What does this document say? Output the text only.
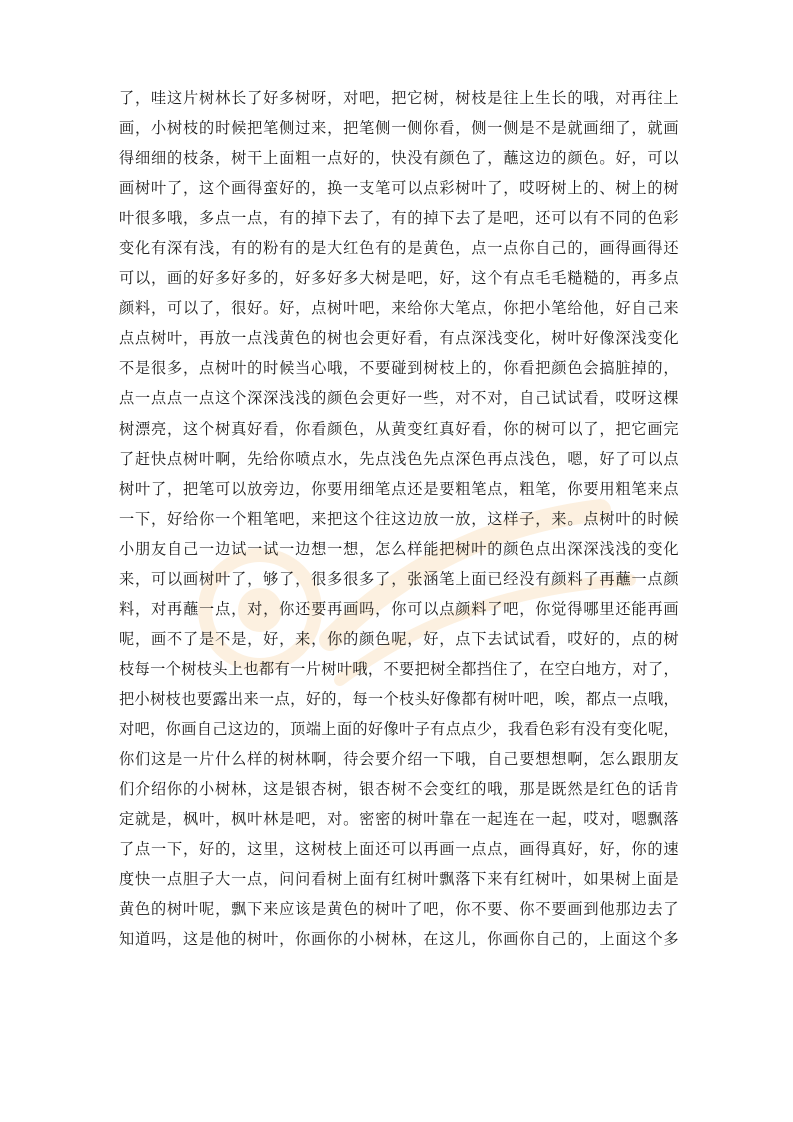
了，哇这片树林长了好多树呀，对吧，把它树，树枝是往上生长的哦，对再往上
画，小树枝的时候把笔侧过来，把笔侧一侧你看，侧一侧是不是就画细了，就画
得细细的枝条，树干上面粗一点好的，快没有颜色了，蘸这边的颜色。好，可以
画树叶了，这个画得蛮好的，换一支笔可以点彩树叶了，哎呀树上的、树上的树
叶很多哦，多点一点，有的掉下去了，有的掉下去了是吧，还可以有不同的色彩
变化有深有浅，有的粉有的是大红色有的是黄色，点一点你自己的，画得画得还
可以，画的好多好多的，好多好多大树是吧，好，这个有点毛毛糙糙的，再多点
颜料，可以了，很好。好，点树叶吧，来给你大笔点，你把小笔给他，好自己来
点点树叶，再放一点浅黄色的树也会更好看，有点深浅变化，树叶好像深浅变化
不是很多，点树叶的时候当心哦，不要碰到树枝上的，你看把颜色会搞脏掉的，
点一点点一点这个深深浅浅的颜色会更好一些，对不对，自己试试看，哎呀这棵
树漂亮，这个树真好看，你看颜色，从黄变红真好看，你的树可以了，把它画完
了赶快点树叶啊，先给你喷点水，先点浅色先点深色再点浅色，嗯，好了可以点
树叶了，把笔可以放旁边，你要用细笔点还是要粗笔点，粗笔，你要用粗笔来点
一下，好给你一个粗笔吧，来把这个往这边放一放，这样子，来。点树叶的时候
小朋友自己一边试一试一边想一想，怎么样能把树叶的颜色点出深深浅浅的变化
来，可以画树叶了，够了，很多很多了，张涵笔上面已经没有颜料了再蘸一点颜
料，对再蘸一点，对，你还要再画吗，你可以点颜料了吧，你觉得哪里还能再画
呢，画不了是不是，好，来，你的颜色呢，好，点下去试试看，哎好的，点的树
枝每一个树枝头上也都有一片树叶哦，不要把树全都挡住了，在空白地方，对了，
把小树枝也要露出来一点，好的，每一个枝头好像都有树叶吧，唉，都点一点哦，
对吧，你画自己这边的，顶端上面的好像叶子有点点少，我看色彩有没有变化呢，
你们这是一片什么样的树林啊，待会要介绍一下哦，自己要想想啊，怎么跟朋友
们介绍你的小树林，这是银杏树，银杏树不会变红的哦，那是既然是红色的话肯
定就是，枫叶，枫叶林是吧，对。密密的树叶靠在一起连在一起，哎对，嗯飘落
了点一下，好的，这里，这树枝上面还可以再画一点点，画得真好，好，你的速
度快一点胆子大一点，问问看树上面有红树叶飘落下来有红树叶，如果树上面是
黄色的树叶呢，飘下来应该是黄色的树叶了吧，你不要、你不要画到他那边去了
知道吗，这是他的树叶，你画你的小树林，在这儿，你画你自己的，上面这个多
